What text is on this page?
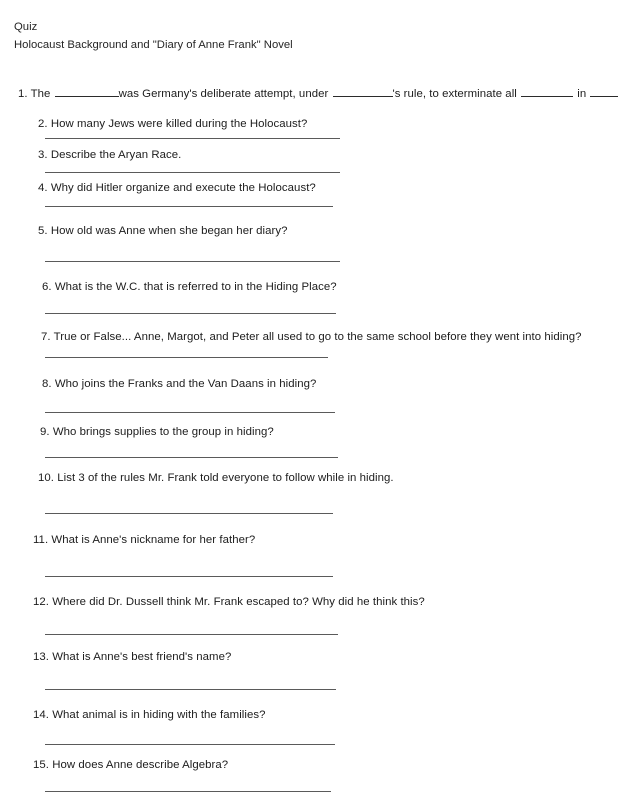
Quiz
Holocaust Background and "Diary of Anne Frank" Novel
1. The	was Germany's deliberate attempt, under	's rule, to exterminate all	in
2. How many Jews were killed during the Holocaust?
3. Describe the Aryan Race.
4. Why did Hitler organize and execute the Holocaust?
5. How old was Anne when she began her diary?
6. What is the W.C. that is referred to in the Hiding Place?
7. True or False... Anne, Margot, and Peter all used to go to the same school before they went into hiding?
8. Who joins the Franks and the Van Daans in hiding?
9. Who brings supplies to the group in hiding?
10. List 3 of the rules Mr. Frank told everyone to follow while in hiding.
11. What is Anne's nickname for her father?
12. Where did Dr. Dussell think Mr. Frank escaped to? Why did he think this?
13. What is Anne's best friend's name?
14. What animal is in hiding with the families?
15. How does Anne describe Algebra?
